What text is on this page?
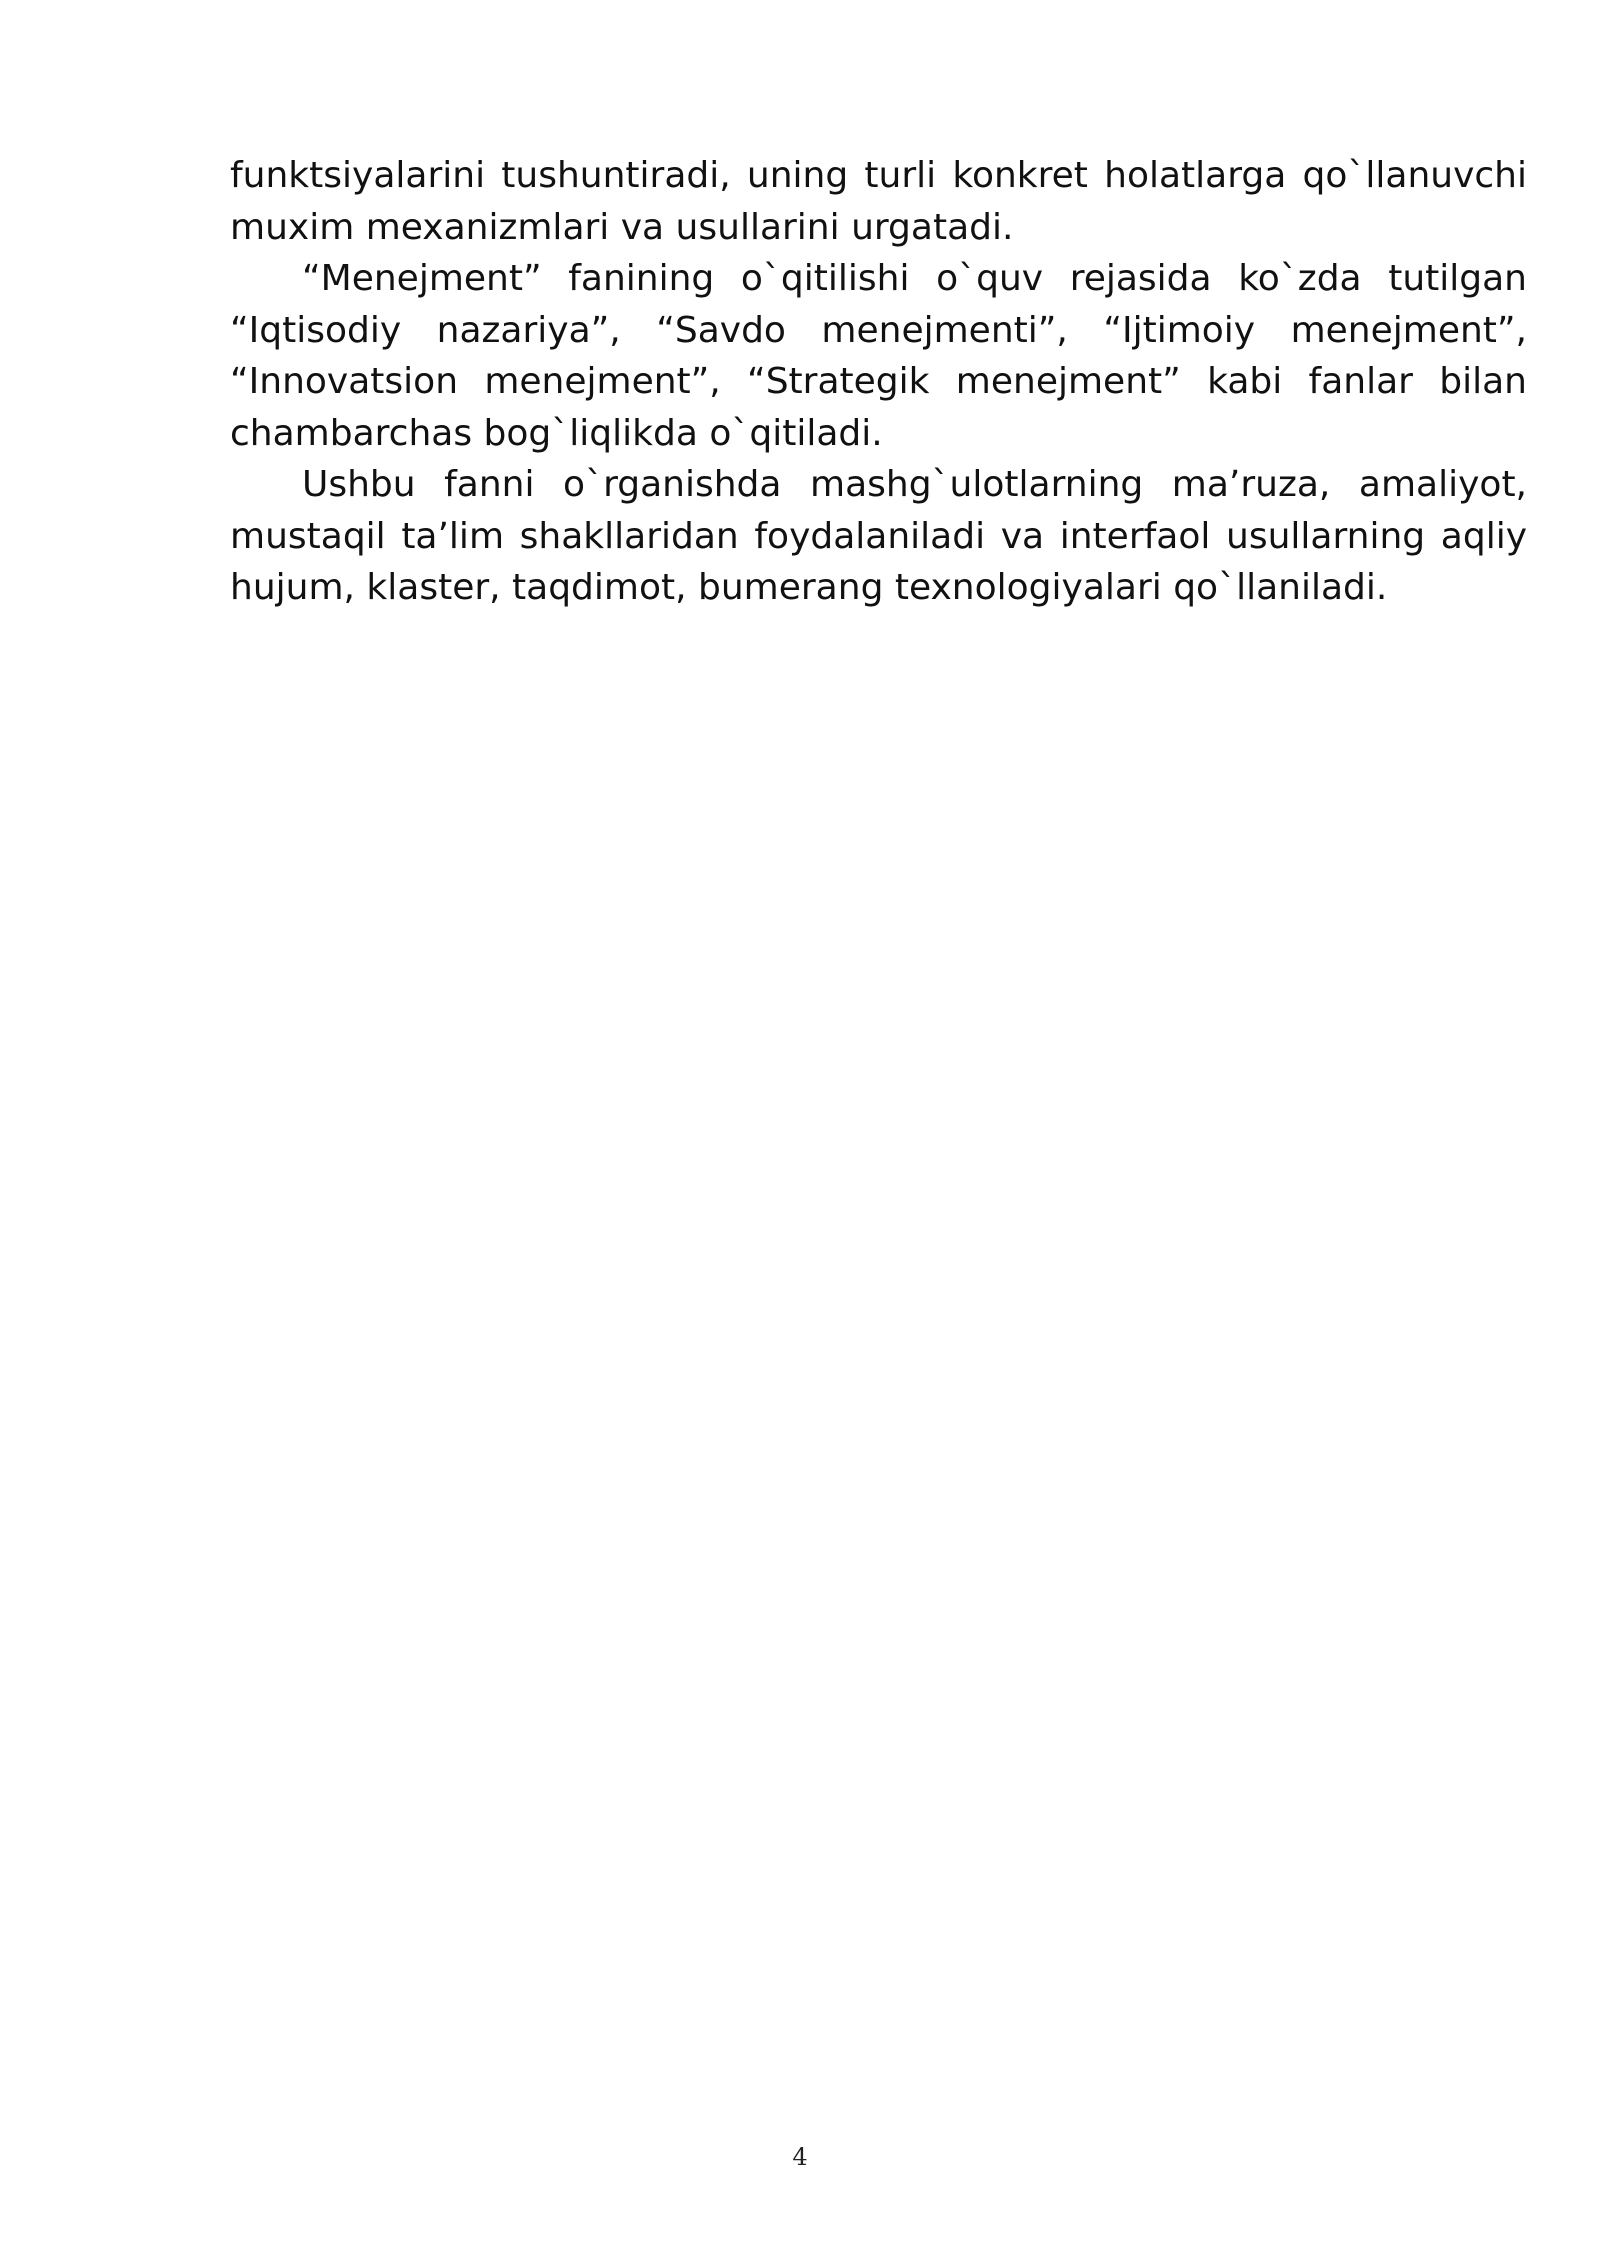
funktsiyalarini tushuntiradi, uning turli konkret holatlarga qo`llanuvchi muxim mexanizmlari va usullarini urgatadi.

“Menejment” fanining o`qitilishi o`quv rejasida ko`zda tutilgan “Iqtisodiy nazariya”, “Savdo menejmenti”, “Ijtimoiy menejment”, “Innovatsion menejment”, “Strategik menejment” kabi fanlar bilan chambarchas bog`liqlikda o`qitiladi.

Ushbu fanni o`rganishda mashg`ulotlarning ma’ruza, amaliyot, mustaqil ta’lim shakllaridan foydalaniladi va interfaol usullarning aqliy hujum, klaster, taqdimot, bumerang texnologiyalari qo`llaniladi.

4
